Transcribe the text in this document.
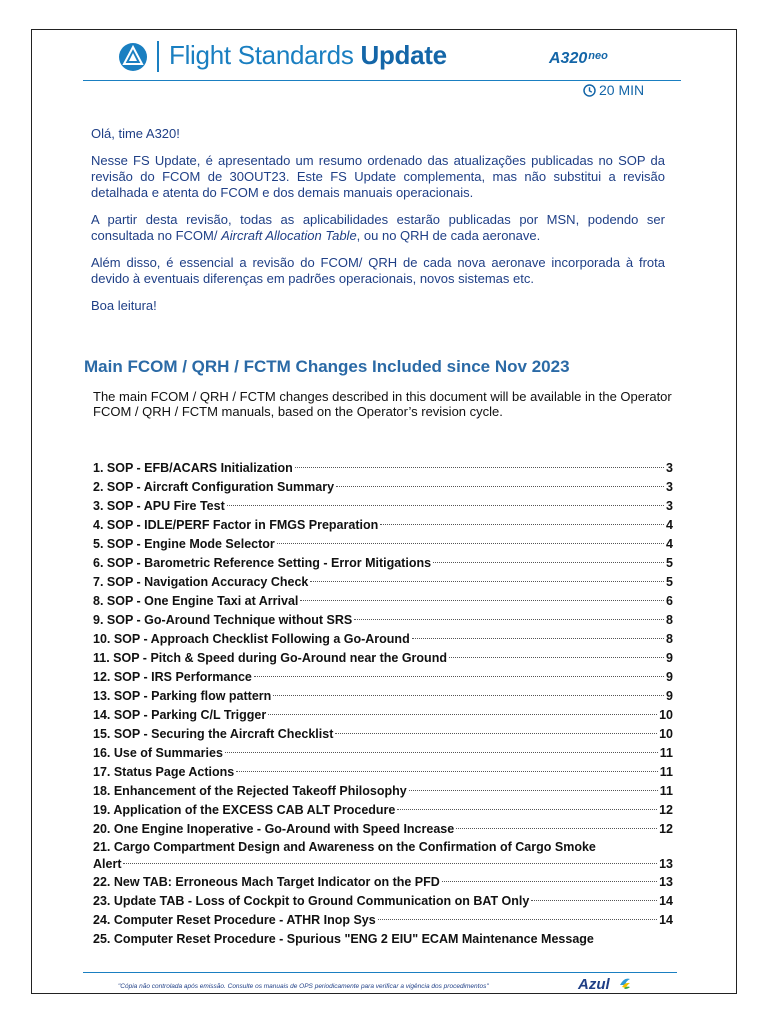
Flight Standards Update	$A320^{neo}$
20 MIN

Olá, time A320!

Nesse FS Update, é apresentado um resumo ordenado das atualizações publicadas no SOP da revisão do FCOM de 30OUT23. Este FS Update complementa, mas não substitui a revisão detalhada e atenta do FCOM e dos demais manuais operacionais.

A partir desta revisão, todas as aplicabilidades estarão publicadas por MSN, podendo ser consultada no FCOM/ Aircraft Allocation Table, ou no QRH de cada aeronave.

Além disso, é essencial a revisão do FCOM/ QRH de cada nova aeronave incorporada à frota devido à eventuais diferenças em padrões operacionais, novos sistemas etc.

Boa leitura!

Main FCOM / QRH / FCTM Changes Included since Nov 2023
The main FCOM / QRH / FCTM changes described in this document will be available in the Operator FCOM / QRH / FCTM manuals, based on the Operator’s revision cycle.
1. SOP - EFB/ACARS Initialization	3
2. SOP - Aircraft Configuration Summary	3
3. SOP - APU Fire Test	3
4. SOP - IDLE/PERF Factor in FMGS Preparation	4
5. SOP - Engine Mode Selector	4
6. SOP - Barometric Reference Setting - Error Mitigations	5
7. SOP - Navigation Accuracy Check	5
8. SOP - One Engine Taxi at Arrival	6
9. SOP - Go-Around Technique without SRS	8
10. SOP - Approach Checklist Following a Go-Around	8
11. SOP - Pitch & Speed during Go-Around near the Ground	9
12. SOP - IRS Performance	9
13. SOP - Parking flow pattern	9
14. SOP - Parking C/L Trigger	10
15. SOP - Securing the Aircraft Checklist	10
16. Use of Summaries	11
17. Status Page Actions	11
18. Enhancement of the Rejected Takeoff Philosophy	11
19. Application of the EXCESS CAB ALT Procedure	12
20. One Engine Inoperative - Go-Around with Speed Increase	12
21. Cargo Compartment Design and Awareness on the Confirmation of Cargo Smoke
Alert	13
22. New TAB: Erroneous Mach Target Indicator on the PFD	13
23. Update TAB - Loss of Cockpit to Ground Communication on BAT Only	14
24. Computer Reset Procedure - ATHR Inop Sys	14
25. Computer Reset Procedure - Spurious "ENG 2 EIU" ECAM Maintenance Message
"Cópia não controlada após emissão. Consulte os manuais de OPS periodicamente para verificar a vigência dos procedimentos"	Azul
